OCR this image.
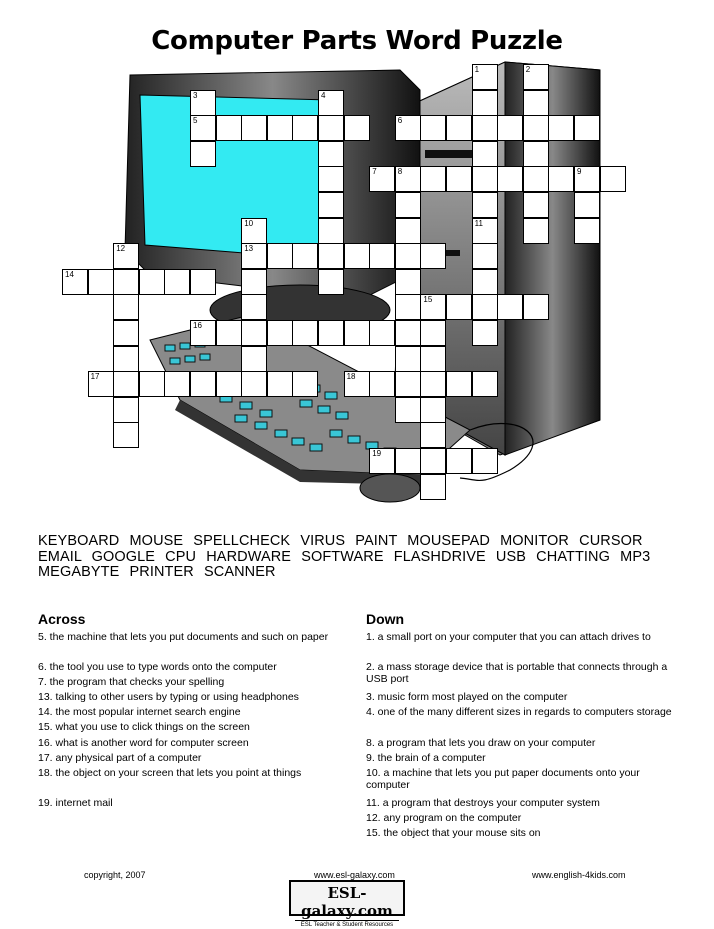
Computer Parts Word Puzzle
5	6
7	8	9
13
14
15
16
17	18
19
1
11
2
3	4
10
12
KEYBOARD MOUSE SPELLCHECK VIRUS PAINT MOUSEPAD MONITOR CURSOR
EMAIL GOOGLE CPU HARDWARE SOFTWARE FLASHDRIVE USB CHATTING MP3
MEGABYTE PRINTER SCANNER
Across
5. the machine that lets you put documents and such on paper
6. the tool you use to type words onto the computer
7. the program that checks your spelling
13. talking to other users by typing or using headphones
14. the most popular internet search engine
15. what you use to click things on the screen
16. what is another word for computer screen
17. any physical part of a computer
18. the object on your screen that lets you point at things
19. internet mail
Down
1. a small port on your computer that you can attach drives to
2. a mass storage device that is portable that connects through a USB port
3. music form most played on the computer
4. one of the many different sizes in regards to computers storage
8. a program that lets you draw on your computer
9. the brain of a computer
10. a machine that lets you put paper documents onto your computer
11. a program that destroys your computer system
12. any program on the computer
15. the object that your mouse sits on
copyright, 2007	www.esl-galaxy.com	www.english-4kids.com
ESL-galaxy.com
ESL Teacher & Student Resources
